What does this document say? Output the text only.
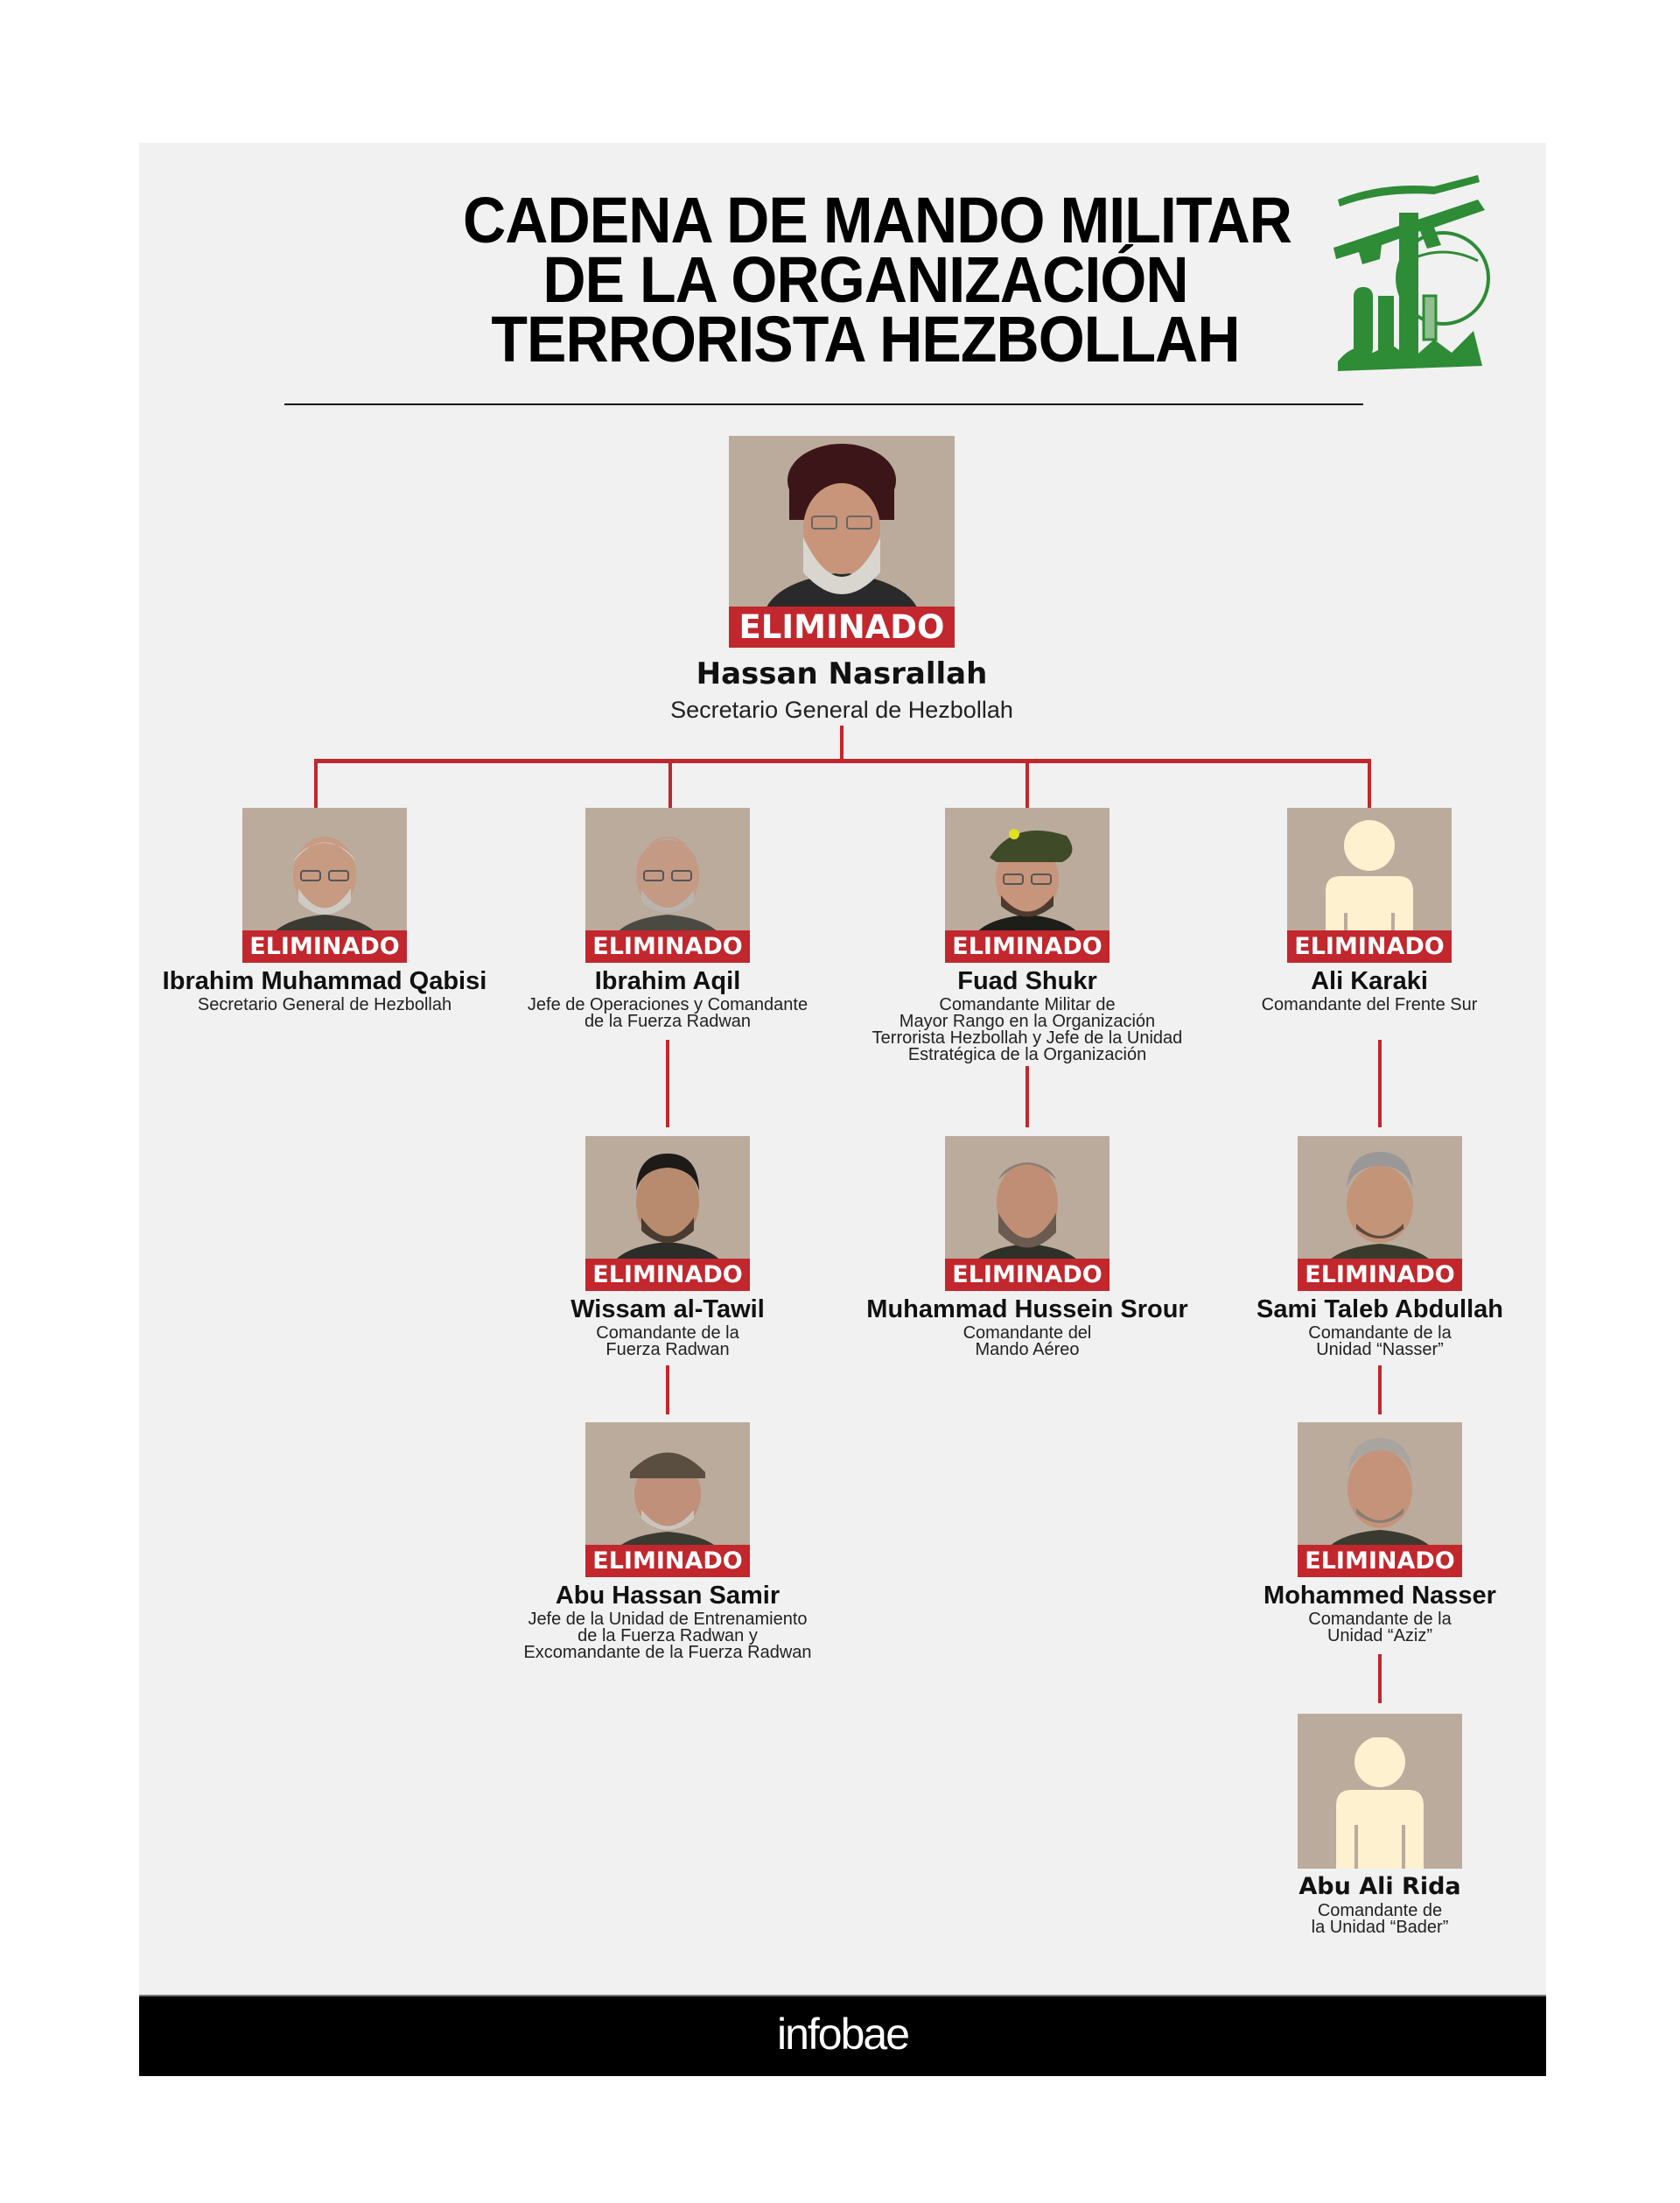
CADENA DE MANDO MILITAR
DE LA ORGANIZACIÓN
TERRORISTA HEZBOLLAH
ELIMINADO
Hassan Nasrallah
Secretario General de Hezbollah
ELIMINADO
Ibrahim Muhammad Qabisi
Secretario General de Hezbollah
ELIMINADO
Ibrahim Aqil
Jefe de Operaciones y Comandante
de la Fuerza Radwan
ELIMINADO
Fuad Shukr
Comandante Militar de
Mayor Rango en la Organización
Terrorista Hezbollah y Jefe de la Unidad
Estratégica de la Organización
ELIMINADO
Ali Karaki
Comandante del Frente Sur
ELIMINADO
Wissam al-Tawil
Comandante de la
Fuerza Radwan
ELIMINADO
Abu Hassan Samir
Jefe de la Unidad de Entrenamiento
de la Fuerza Radwan y
Excomandante de la Fuerza Radwan
ELIMINADO
Muhammad Hussein Srour
Comandante del
Mando Aéreo
ELIMINADO
Sami Taleb Abdullah
Comandante de la
Unidad “Nasser”
ELIMINADO
Mohammed Nasser
Comandante de la
Unidad “Aziz”
Abu Ali Rida
Comandante de
la Unidad “Bader”
infobae
